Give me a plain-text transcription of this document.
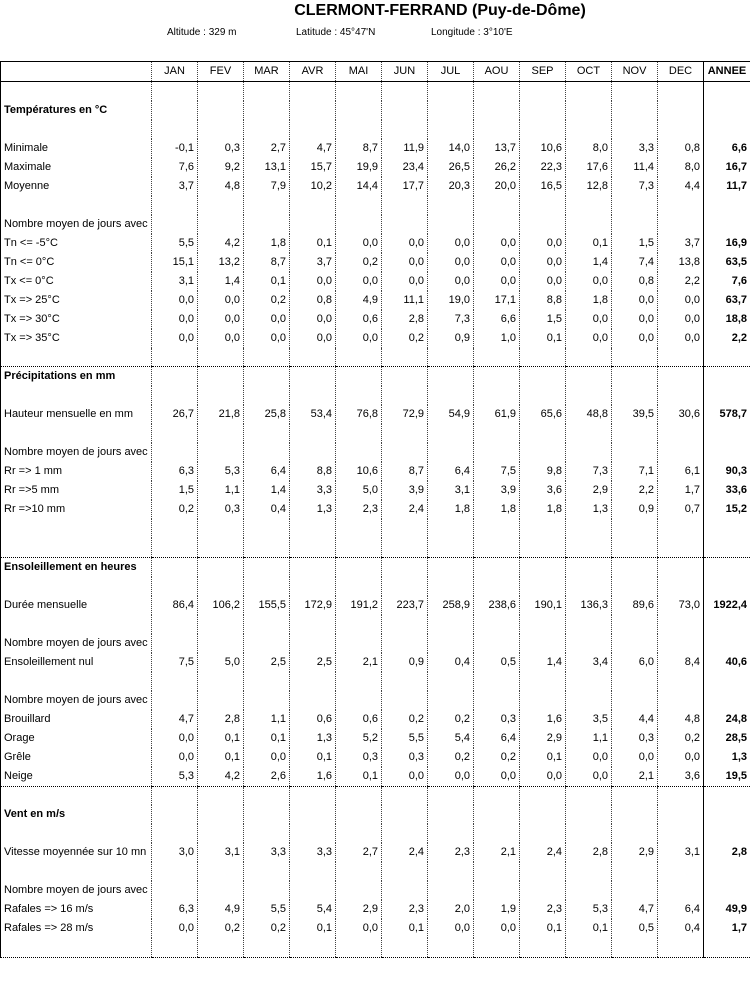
CLERMONT-FERRAND (Puy-de-Dôme)
Altitude : 329 m	Latitude : 45°47'N	Longitude : 3°10'E
	JAN	FEV	MAR	AVR	MAI	JUN	JUL	AOU	SEP	OCT	NOV	DEC	ANNEE

Températures en °C													

Minimale	-0,1	0,3	2,7	4,7	8,7	11,9	14,0	13,7	10,6	8,0	3,3	0,8	6,6
Maximale	7,6	9,2	13,1	15,7	19,9	23,4	26,5	26,2	22,3	17,6	11,4	8,0	16,7
Moyenne	3,7	4,8	7,9	10,2	14,4	17,7	20,3	20,0	16,5	12,8	7,3	4,4	11,7

Nombre moyen de jours avec													
Tn <= -5°C	5,5	4,2	1,8	0,1	0,0	0,0	0,0	0,0	0,0	0,1	1,5	3,7	16,9
Tn <= 0°C	15,1	13,2	8,7	3,7	0,2	0,0	0,0	0,0	0,0	1,4	7,4	13,8	63,5
Tx <= 0°C	3,1	1,4	0,1	0,0	0,0	0,0	0,0	0,0	0,0	0,0	0,8	2,2	7,6
Tx => 25°C	0,0	0,0	0,2	0,8	4,9	11,1	19,0	17,1	8,8	1,8	0,0	0,0	63,7
Tx => 30°C	0,0	0,0	0,0	0,0	0,6	2,8	7,3	6,6	1,5	0,0	0,0	0,0	18,8
Tx => 35°C	0,0	0,0	0,0	0,0	0,0	0,2	0,9	1,0	0,1	0,0	0,0	0,0	2,2

Précipitations en mm													

Hauteur mensuelle en mm	26,7	21,8	25,8	53,4	76,8	72,9	54,9	61,9	65,6	48,8	39,5	30,6	578,7

Nombre moyen de jours avec													
Rr => 1 mm	6,3	5,3	6,4	8,8	10,6	8,7	6,4	7,5	9,8	7,3	7,1	6,1	90,3
Rr =>5 mm	1,5	1,1	1,4	3,3	5,0	3,9	3,1	3,9	3,6	2,9	2,2	1,7	33,6
Rr =>10 mm	0,2	0,3	0,4	1,3	2,3	2,4	1,8	1,8	1,8	1,3	0,9	0,7	15,2

Ensoleillement en heures													

Durée mensuelle	86,4	106,2	155,5	172,9	191,2	223,7	258,9	238,6	190,1	136,3	89,6	73,0	1922,4

Nombre moyen de jours avec													
Ensoleillement nul	7,5	5,0	2,5	2,5	2,1	0,9	0,4	0,5	1,4	3,4	6,0	8,4	40,6

Nombre moyen de jours avec													
Brouillard	4,7	2,8	1,1	0,6	0,6	0,2	0,2	0,3	1,6	3,5	4,4	4,8	24,8
Orage	0,0	0,1	0,1	1,3	5,2	5,5	5,4	6,4	2,9	1,1	0,3	0,2	28,5
Grêle	0,0	0,1	0,0	0,1	0,3	0,3	0,2	0,2	0,1	0,0	0,0	0,0	1,3
Neige	5,3	4,2	2,6	1,6	0,1	0,0	0,0	0,0	0,0	0,0	2,1	3,6	19,5

Vent en m/s													

Vitesse moyennée sur 10 mn	3,0	3,1	3,3	3,3	2,7	2,4	2,3	2,1	2,4	2,8	2,9	3,1	2,8

Nombre moyen de jours avec													
Rafales => 16 m/s	6,3	4,9	5,5	5,4	2,9	2,3	2,0	1,9	2,3	5,3	4,7	6,4	49,9
Rafales => 28 m/s	0,0	0,2	0,2	0,1	0,0	0,1	0,0	0,0	0,1	0,1	0,5	0,4	1,7
